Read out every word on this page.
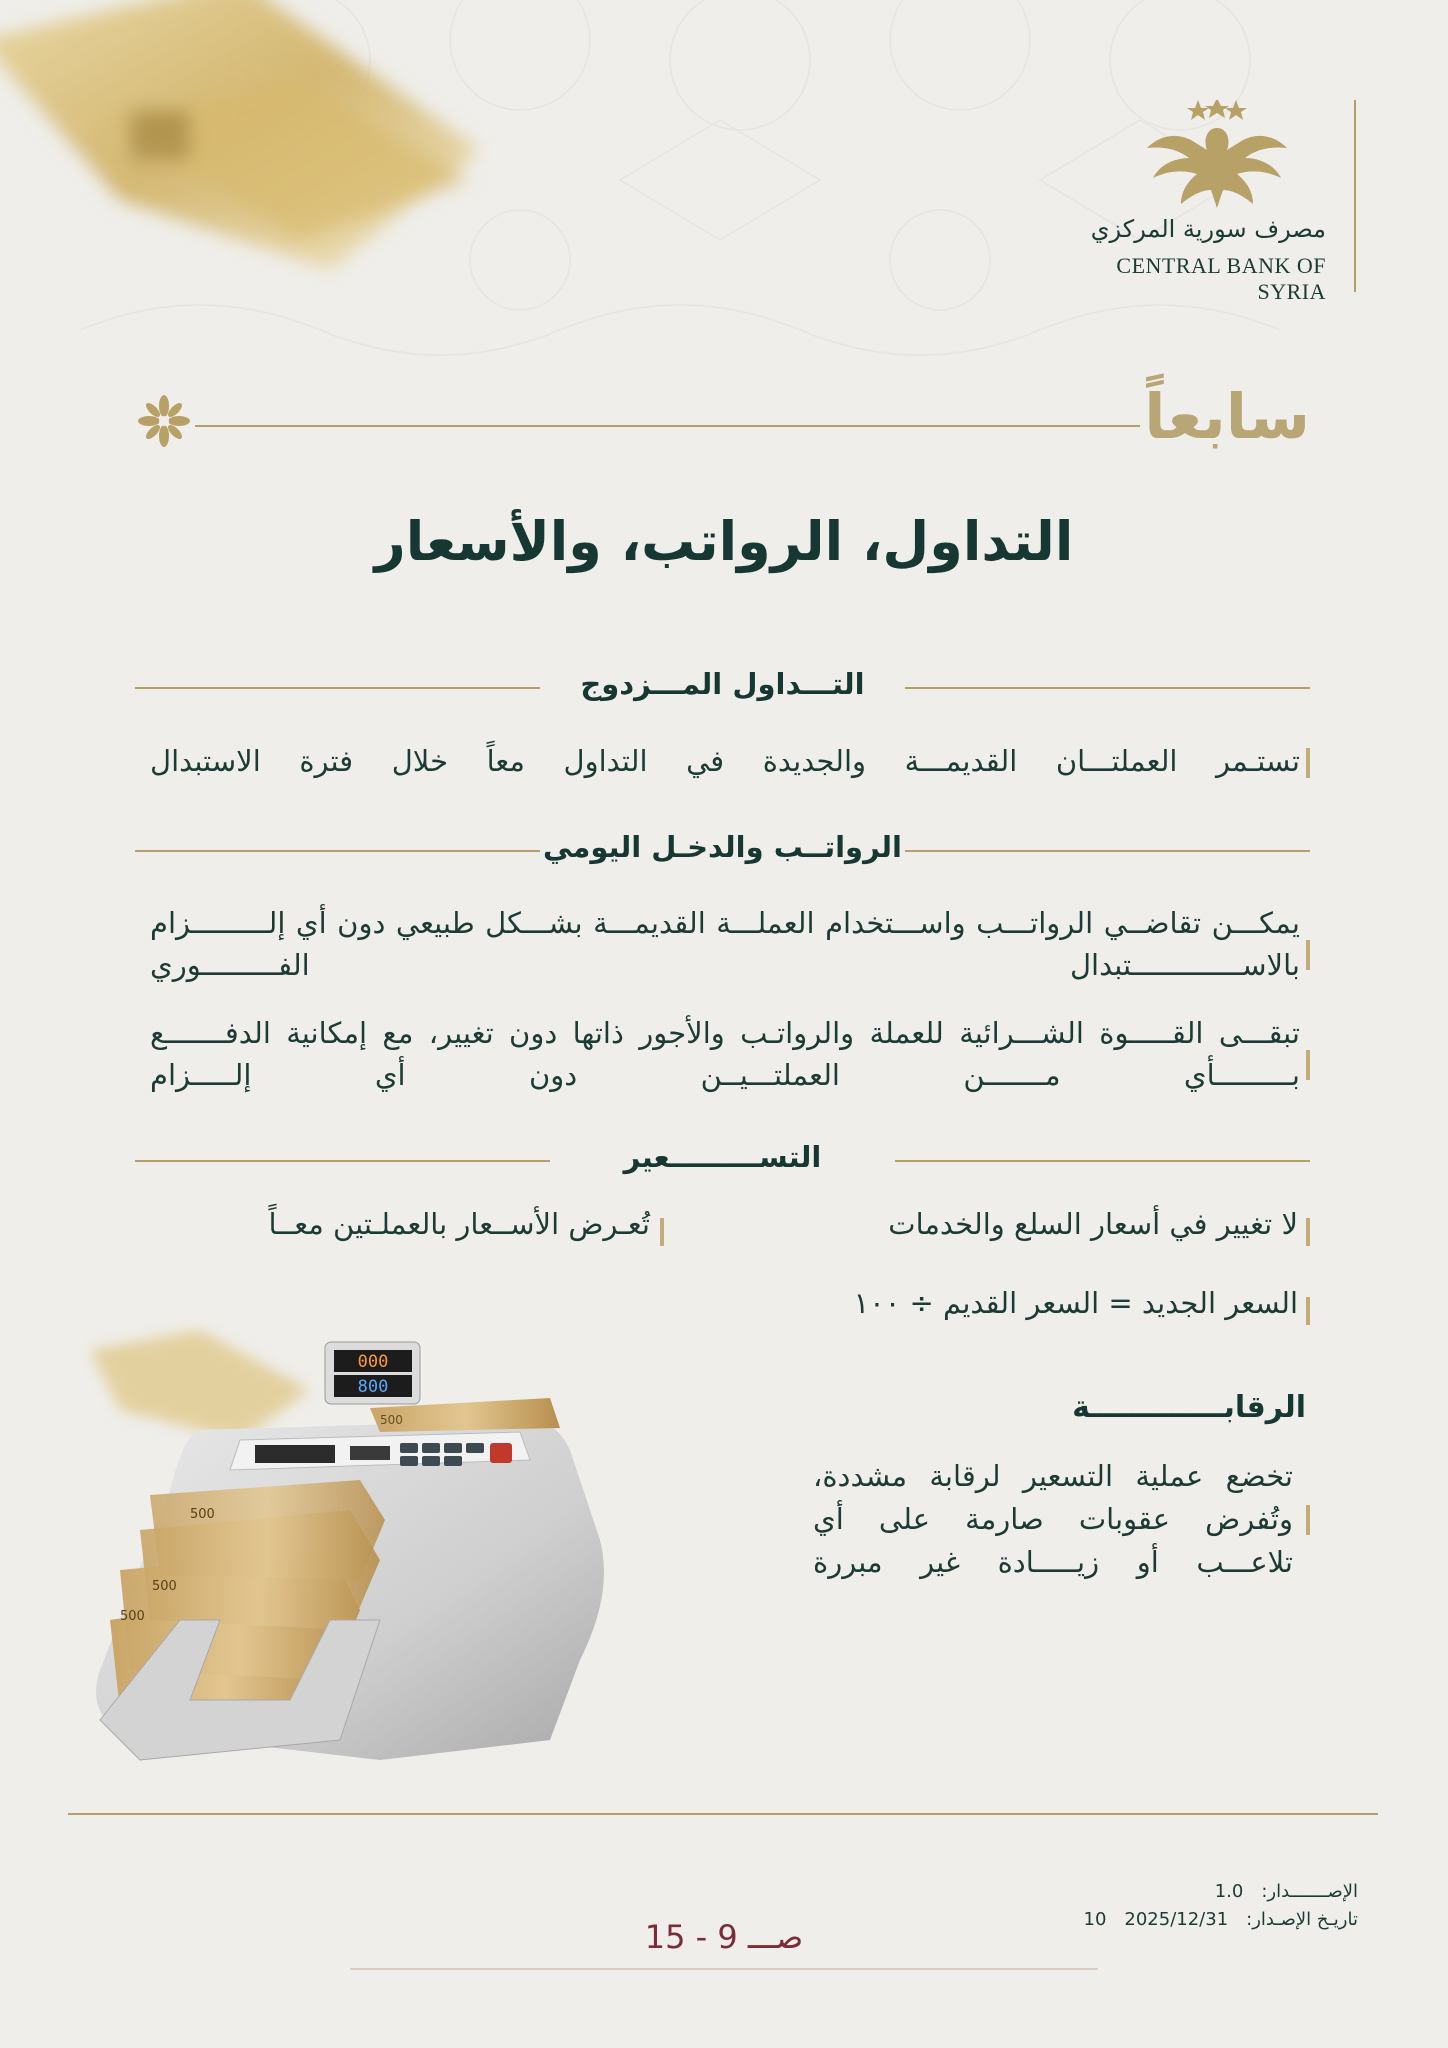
مصرف سورية المركزي
CENTRAL BANK OF SYRIA
سابعاً
التداول، الرواتب، والأسعار
التـــداول المـــزدوج
تستـمر العملتـــان القديمـــة والجديدة في التداول معاً خلال فترة الاستبدال
الرواتــب والدخـل اليومي
يمكـــن تقاضــي الرواتـــب واســـتخدام العملـــة القديمـــة بشـــكل طبيعي دون أي إلـــــــــزام بالاســـــــــــــتبدال الفـــــــــوري
تبقـــى القـــــوة الشـــرائية للعملة والرواتـب والأجور ذاتها دون تغيير، مع إمكانية الدفـــــــع بـــــــــأي مـــــــن العملتـــيــن دون أي إلـــــزام
التســـــــــعير
لا تغيير في أسعار السلع والخدمات
تُعـرض الأســعار بالعملـتين معــاً
السعر الجديد = السعر القديم ÷ ١٠٠
الرقابـــــــــــــة
تخضع عملية التسعير لرقابة مشددة، وتُفرض عقوبات صارمة على أي تلاعـــب أو زيـــــادة غير مبررة
000
800
500
500
500
500
الإصـــــــدار:
1.0
تاريـخ الإصـدار:
2025/12/31
10
صـــ 9 - 15
